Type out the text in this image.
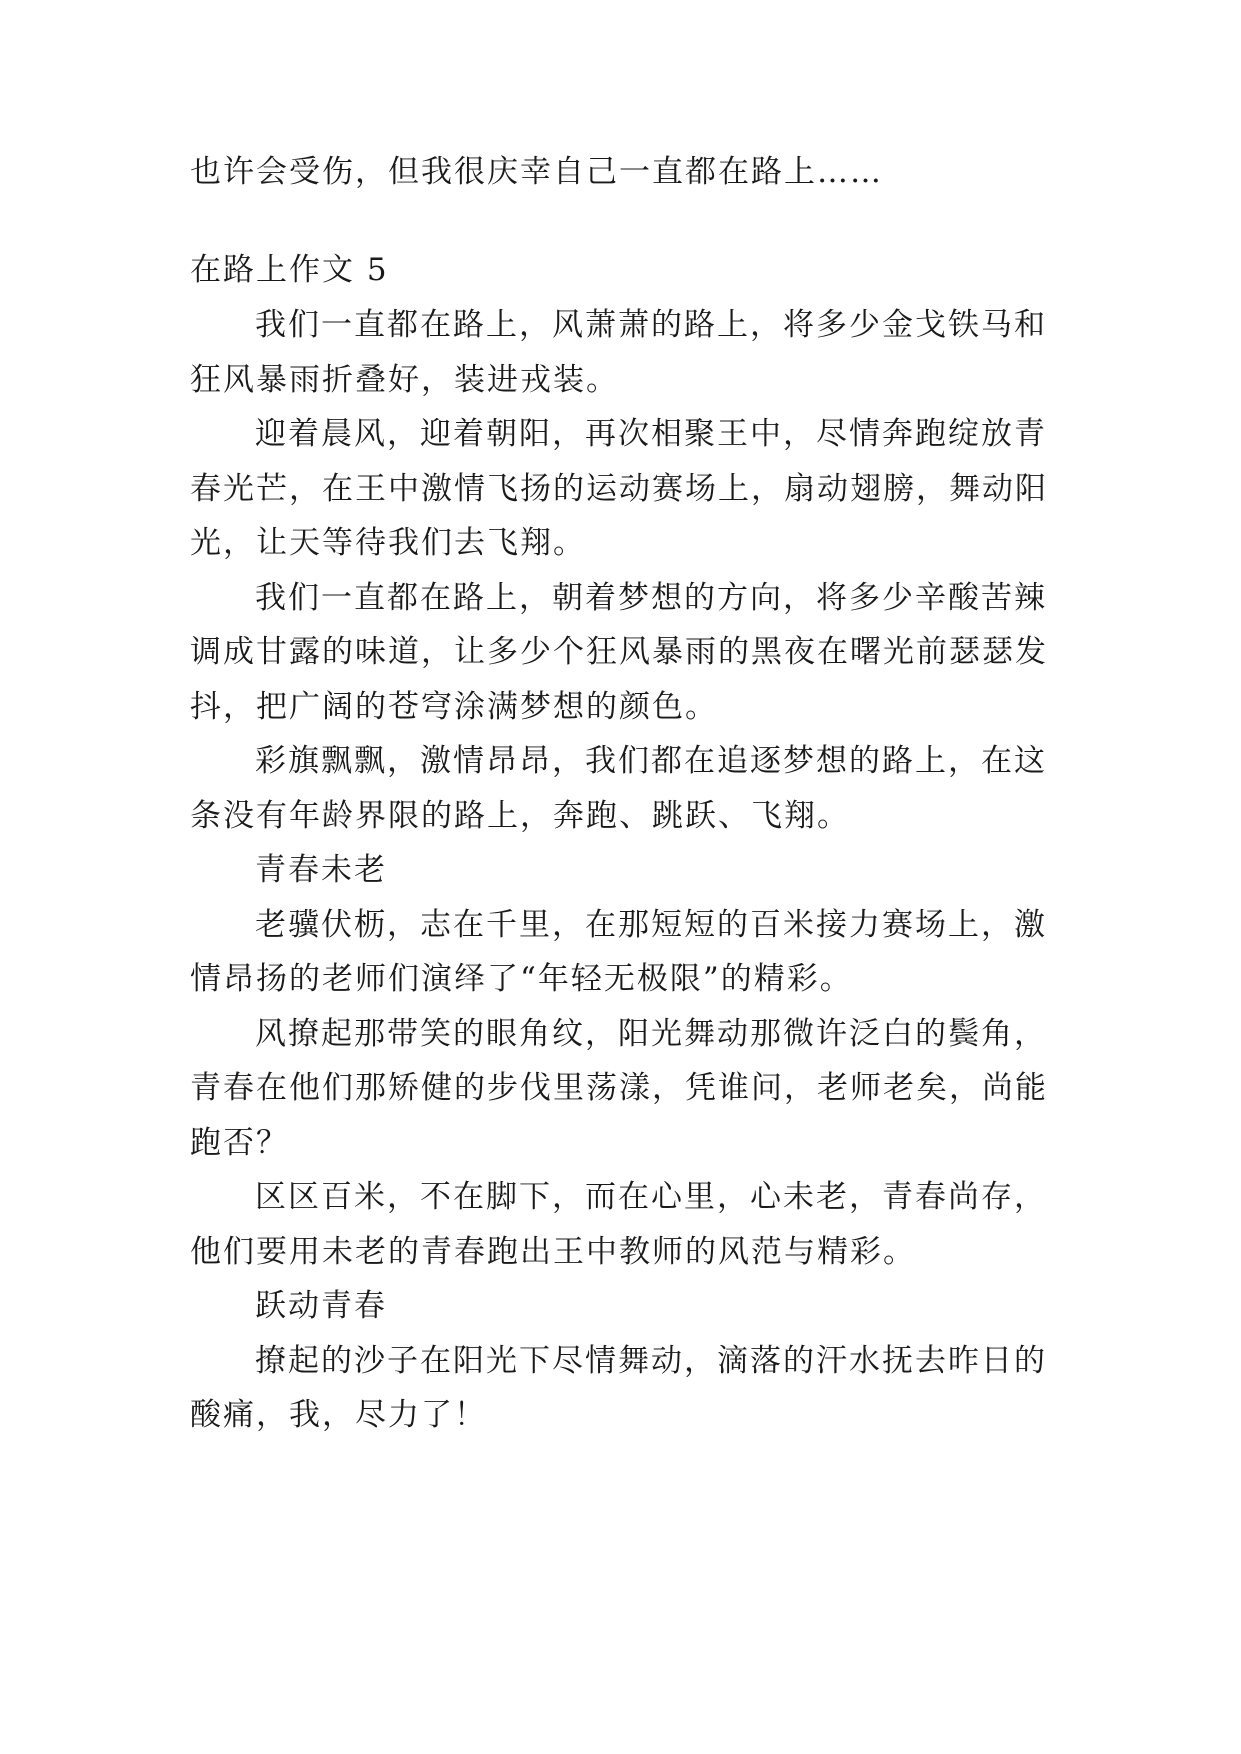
也许会受伤，但我很庆幸自己一直都在路上……
在路上作文 5
我们一直都在路上，风萧萧的路上，将多少金戈铁马和
狂风暴雨折叠好，装进戎装。
迎着晨风，迎着朝阳，再次相聚王中，尽情奔跑绽放青
春光芒，在王中激情飞扬的运动赛场上，扇动翅膀，舞动阳
光，让天等待我们去飞翔。
我们一直都在路上，朝着梦想的方向，将多少辛酸苦辣
调成甘露的味道，让多少个狂风暴雨的黑夜在曙光前瑟瑟发
抖，把广阔的苍穹涂满梦想的颜色。
彩旗飘飘，激情昂昂，我们都在追逐梦想的路上，在这
条没有年龄界限的路上，奔跑、跳跃、飞翔。
青春未老
老骥伏枥，志在千里，在那短短的百米接力赛场上，激
情昂扬的老师们演绎了“年轻无极限”的精彩。
风撩起那带笑的眼角纹，阳光舞动那微许泛白的鬓角，
青春在他们那矫健的步伐里荡漾，凭谁问，老师老矣，尚能
跑否？
区区百米，不在脚下，而在心里，心未老，青春尚存，
他们要用未老的青春跑出王中教师的风范与精彩。
跃动青春
撩起的沙子在阳光下尽情舞动，滴落的汗水抚去昨日的
酸痛，我，尽力了！
